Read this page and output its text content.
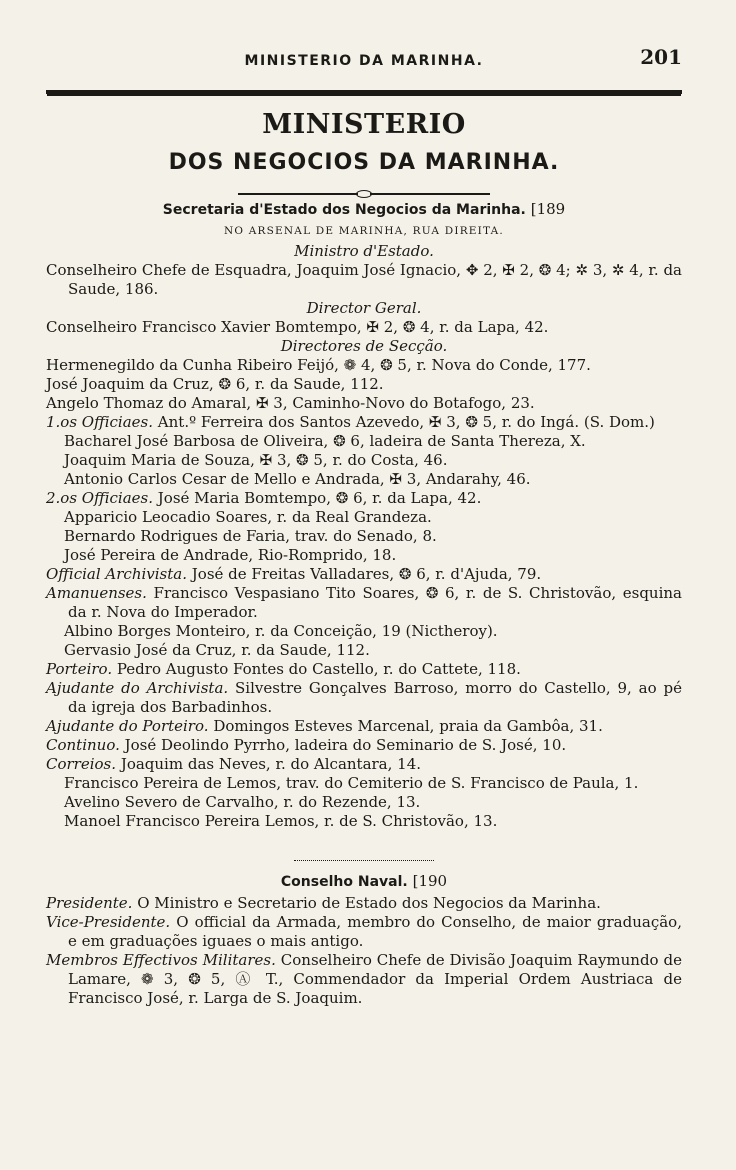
MINISTERIO DA MARINHA.	201

MINISTERIO

DOS NEGOCIOS DA MARINHA.

Secretaria d'Estado dos Negocios da Marinha. [189

NO ARSENAL DE MARINHA, RUA DIREITA.

Ministro d'Estado.

Conselheiro Chefe de Esquadra, Joaquim José Ignacio, ✥ 2, ✠ 2, ❂ 4; ✲ 3, ✲ 4, r. da Saude, 186.

Director Geral.

Conselheiro Francisco Xavier Bomtempo, ✠ 2, ❂ 4, r. da Lapa, 42.

Directores de Secção.

Hermenegildo da Cunha Ribeiro Feijó, ❁ 4, ❂ 5, r. Nova do Conde, 177.

José Joaquim da Cruz, ❂ 6, r. da Saude, 112.

Angelo Thomaz do Amaral, ✠ 3, Caminho-Novo do Botafogo, 23.

1.os Officiaes. Ant.º Ferreira dos Santos Azevedo, ✠ 3, ❂ 5, r. do Ingá. (S. Dom.)

Bacharel José Barbosa de Oliveira, ❂ 6, ladeira de Santa Thereza, X.

Joaquim Maria de Souza, ✠ 3, ❂ 5, r. do Costa, 46.

Antonio Carlos Cesar de Mello e Andrada, ✠ 3, Andarahy, 46.

2.os Officiaes. José Maria Bomtempo, ❂ 6, r. da Lapa, 42.

Apparicio Leocadio Soares, r. da Real Grandeza.

Bernardo Rodrigues de Faria, trav. do Senado, 8.

José Pereira de Andrade, Rio-Romprido, 18.

Official Archivista. José de Freitas Valladares, ❂ 6, r. d'Ajuda, 79.

Amanuenses. Francisco Vespasiano Tito Soares, ❂ 6, r. de S. Christovão, esquina da r. Nova do Imperador.

Albino Borges Monteiro, r. da Conceição, 19 (Nictheroy).

Gervasio José da Cruz, r. da Saude, 112.

Porteiro. Pedro Augusto Fontes do Castello, r. do Cattete, 118.

Ajudante do Archivista. Silvestre Gonçalves Barroso, morro do Castello, 9, ao pé da igreja dos Barbadinhos.

Ajudante do Porteiro. Domingos Esteves Marcenal, praia da Gambôa, 31.

Continuo. José Deolindo Pyrrho, ladeira do Seminario de S. José, 10.

Correios. Joaquim das Neves, r. do Alcantara, 14.

Francisco Pereira de Lemos, trav. do Cemiterio de S. Francisco de Paula, 1.

Avelino Severo de Carvalho, r. do Rezende, 13.

Manoel Francisco Pereira Lemos, r. de S. Christovão, 13.

Conselho Naval. [190

Presidente. O Ministro e Secretario de Estado dos Negocios da Marinha.

Vice-Presidente. O official da Armada, membro do Conselho, de maior graduação, e em graduações iguaes o mais antigo.

Membros Effectivos Militares. Conselheiro Chefe de Divisão Joaquim Raymundo de Lamare, ❁ 3, ❂ 5, Ⓐ T., Commendador da Imperial Ordem Austriaca de Francisco José, r. Larga de S. Joaquim.
